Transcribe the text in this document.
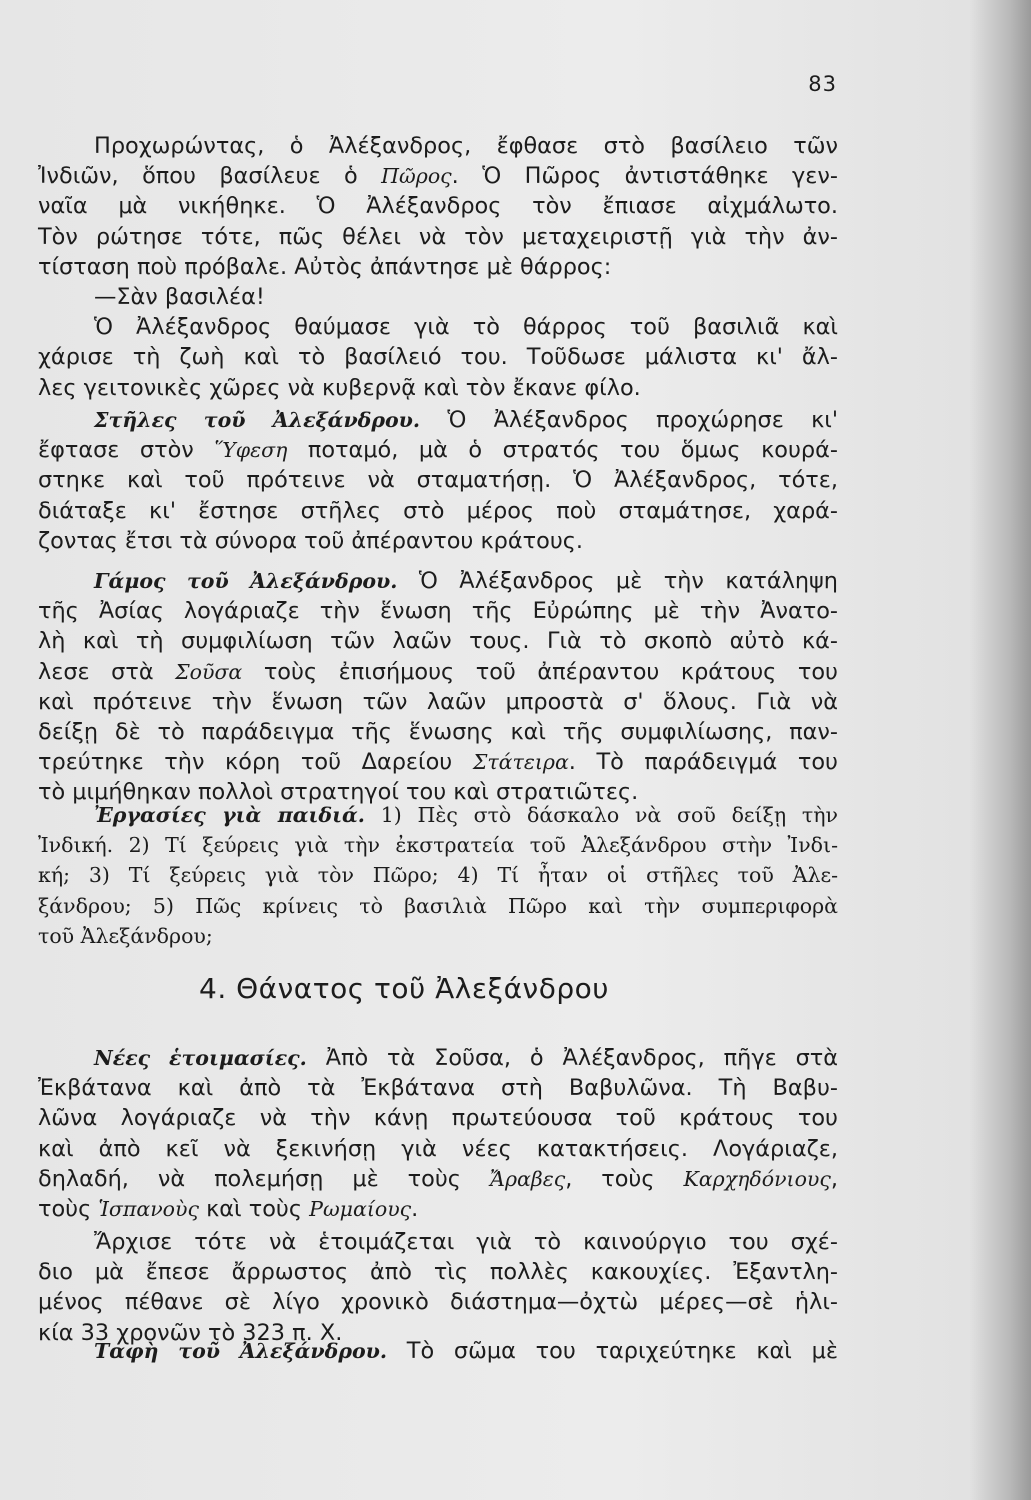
83
Προχωρώντας, ὁ Ἀλέξανδρος, ἔφθασε στὸ βασίλειο τῶν
Ἰνδιῶν, ὅπου βασίλευε ὁ Πῶρος. Ὁ Πῶρος ἀντιστάθηκε γεν-
ναῖα μὰ νικήθηκε. Ὁ Ἀλέξανδρος τὸν ἔπιασε αἰχμάλωτο.
Τὸν ρώτησε τότε, πῶς θέλει νὰ τὸν μεταχειριστῇ γιὰ τὴν ἀν-
τίσταση ποὺ πρόβαλε. Αὐτὸς ἀπάντησε μὲ θάρρος:
—Σὰν βασιλέα!
Ὁ Ἀλέξανδρος θαύμασε γιὰ τὸ θάρρος τοῦ βασιλιᾶ καὶ
χάρισε τὴ ζωὴ καὶ τὸ βασίλειό του. Τοῦδωσε μάλιστα κι' ἄλ-
λες γειτονικὲς χῶρες νὰ κυβερνᾷ καὶ τὸν ἔκανε φίλο.
Στῆλες τοῦ Ἀλεξάνδρου. Ὁ Ἀλέξανδρος προχώρησε κι'
ἔφτασε στὸν Ὕφεση ποταμό, μὰ ὁ στρατός του ὅμως κουρά-
στηκε καὶ τοῦ πρότεινε νὰ σταματήσῃ. Ὁ Ἀλέξανδρος, τότε,
διάταξε κι' ἔστησε στῆλες στὸ μέρος ποὺ σταμάτησε, χαρά-
ζοντας ἔτσι τὰ σύνορα τοῦ ἀπέραντου κράτους.
Γάμος τοῦ Ἀλεξάνδρου. Ὁ Ἀλέξανδρος μὲ τὴν κατάληψη
τῆς Ἀσίας λογάριαζε τὴν ἕνωση τῆς Εὐρώπης μὲ τὴν Ἀνατο-
λὴ καὶ τὴ συμφιλίωση τῶν λαῶν τους. Γιὰ τὸ σκοπὸ αὐτὸ κά-
λεσε στὰ Σοῦσα τοὺς ἐπισήμους τοῦ ἀπέραντου κράτους του
καὶ πρότεινε τὴν ἕνωση τῶν λαῶν μπροστὰ σ' ὅλους. Γιὰ νὰ
δείξῃ δὲ τὸ παράδειγμα τῆς ἕνωσης καὶ τῆς συμφιλίωσης, παν-
τρεύτηκε τὴν κόρη τοῦ Δαρείου Στάτειρα. Τὸ παράδειγμά του
τὸ μιμήθηκαν πολλοὶ στρατηγοί του καὶ στρατιῶτες.
Ἐργασίες γιὰ παιδιά. 1) Πὲς στὸ δάσκαλο νὰ σοῦ δείξῃ τὴν
Ἰνδική. 2) Τί ξεύρεις γιὰ τὴν ἐκστρατεία τοῦ Ἀλεξάνδρου στὴν Ἰνδι-
κή; 3) Τί ξεύρεις γιὰ τὸν Πῶρο; 4) Τί ἦταν οἱ στῆλες τοῦ Ἀλε-
ξάνδρου; 5) Πῶς κρίνεις τὸ βασιλιὰ Πῶρο καὶ τὴν συμπεριφορὰ
τοῦ Ἀλεξάνδρου;
4. Θάνατος τοῦ Ἀλεξάνδρου
Νέες ἑτοιμασίες. Ἀπὸ τὰ Σοῦσα, ὁ Ἀλέξανδρος, πῆγε στὰ
Ἐκβάτανα καὶ ἀπὸ τὰ Ἐκβάτανα στὴ Βαβυλῶνα. Τὴ Βαβυ-
λῶνα λογάριαζε νὰ τὴν κάνῃ πρωτεύουσα τοῦ κράτους του
καὶ ἀπὸ κεῖ νὰ ξεκινήσῃ γιὰ νέες κατακτήσεις. Λογάριαζε,
δηλαδή, νὰ πολεμήσῃ μὲ τοὺς Ἄραβες, τοὺς Καρχηδόνιους,
τοὺς Ἱσπανοὺς καὶ τοὺς Ρωμαίους.
Ἄρχισε τότε νὰ ἑτοιμάζεται γιὰ τὸ καινούργιο του σχέ-
διο μὰ ἔπεσε ἄρρωστος ἀπὸ τὶς πολλὲς κακουχίες. Ἐξαντλη-
μένος πέθανε σὲ λίγο χρονικὸ διάστημα—ὀχτὼ μέρες—σὲ ἡλι-
κία 33 χρονῶν τὸ 323 π. Χ.
Ταφὴ τοῦ Ἀλεξάνδρου. Τὸ σῶμα του ταριχεύτηκε καὶ μὲ
